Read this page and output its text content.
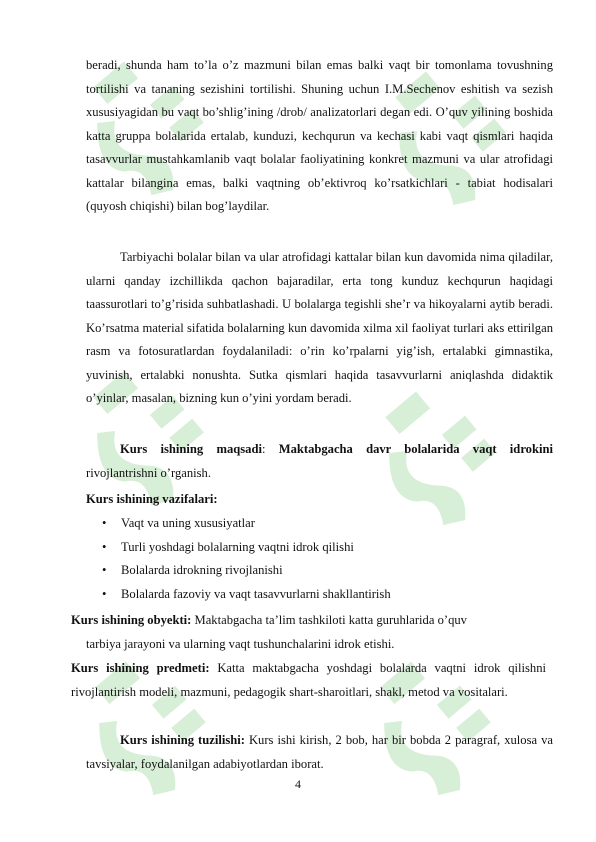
beradi, shunda ham to’la o’z mazmuni bilan emas balki vaqt bir tomonlama tovushning tortilishi va tananing sezishini tortilishi. Shuning uchun I.M.Sechenov eshitish va sezish xususiyagidan bu vaqt bo’shlig’ining /drob/ analizatorlari degan edi. O’quv yilining boshida katta gruppa bolalarida ertalab, kunduzi, kechqurun va kechasi kabi vaqt qismlari haqida tasavvurlar mustahkamlanib vaqt bolalar faoliyatining konkret mazmuni va ular atrofidagi kattalar bilangina emas, balki vaqtning ob’ektivroq ko’rsatkichlari - tabiat hodisalari (quyosh chiqishi) bilan bog’laydilar.
Tarbiyachi bolalar bilan va ular atrofidagi kattalar bilan kun davomida nima qiladilar, ularni qanday izchillikda qachon bajaradilar, erta tong kunduz kechqurun haqidagi taassurotlari to’g’risida suhbatlashadi. U bolalarga tegishli she’r va hikoyalarni aytib beradi. Ko’rsatma material sifatida bolalarning kun davomida xilma xil faoliyat turlari aks ettirilgan rasm va fotosuratlardan foydalaniladi: o’rin ko’rpalarni yig’ish, ertalabki gimnastika, yuvinish, ertalabki nonushta. Sutka qismlari haqida tasavvurlarni aniqlashda didaktik o’yinlar, masalan, bizning kun o’yini yordam beradi.
Kurs ishining maqsadi: Maktabgacha davr bolalarida vaqt idrokini rivojlantrishni o’rganish.
Kurs ishining vazifalari:
• Vaqt va uning xususiyatlar
• Turli yoshdagi bolalarning vaqtni idrok qilishi
• Bolalarda idrokning rivojlanishi
• Bolalarda fazoviy va vaqt tasavvurlarni shakllantirish
Kurs ishining obyekti: Maktabgacha ta’lim tashkiloti katta guruhlarida o’quv
tarbiya jarayoni va ularning vaqt tushunchalarini idrok etishi.
Kurs ishining predmeti: Katta maktabgacha yoshdagi bolalarda vaqtni idrok qilishni rivojlantirish modeli, mazmuni, pedagogik shart-sharoitlari, shakl, metod va vositalari.
Kurs ishining tuzilishi: Kurs ishi kirish, 2 bob, har bir bobda 2 paragraf, xulosa va tavsiyalar, foydalanilgan adabiyotlardan iborat.
4
